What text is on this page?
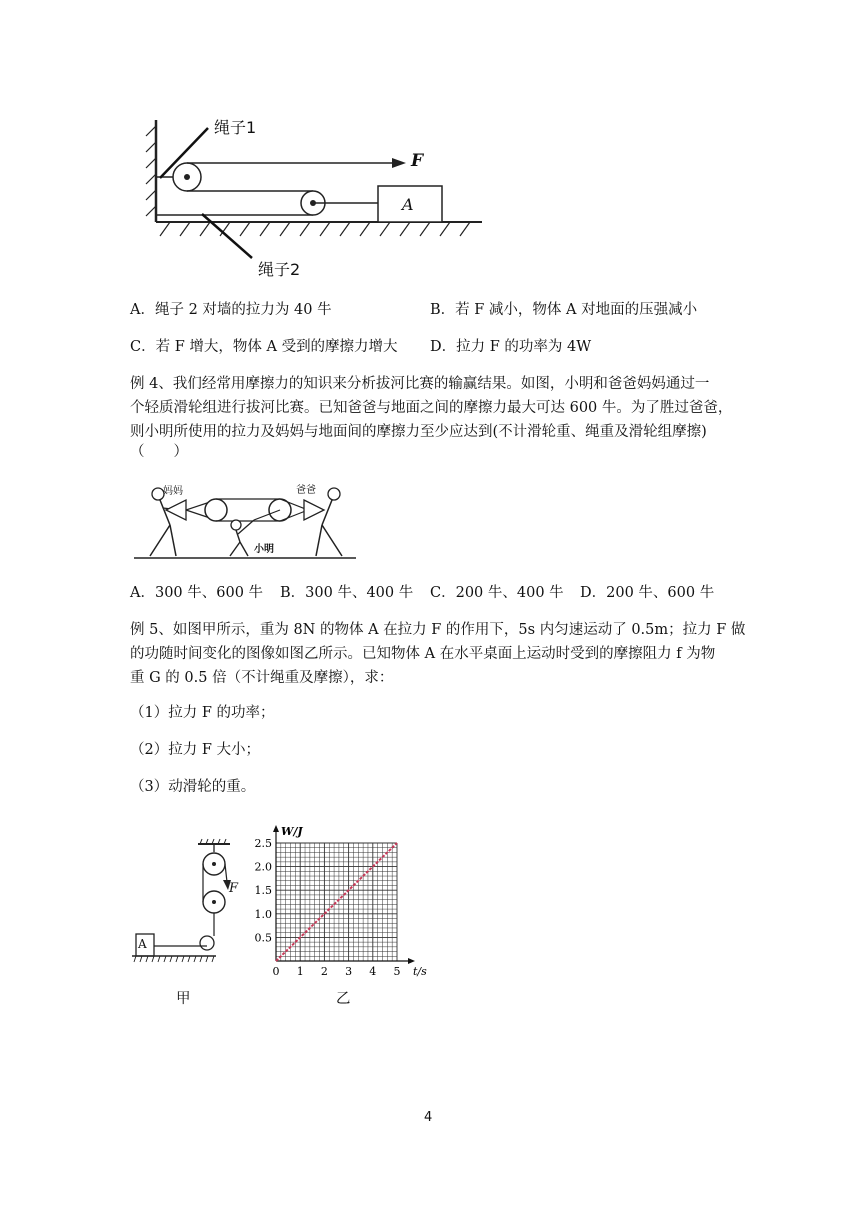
绳子1
绳子2
F
A
A．绳子 2 对墙的拉力为 40 牛	B．若 F 减小，物体 A 对地面的压强减小
C．若 F 增大，物体 A 受到的摩擦力增大 D．拉力 F 的功率为 4W
例 4、我们经常用摩擦力的知识来分析拔河比赛的输赢结果。如图，小明和爸爸妈妈通过一
个轻质滑轮组进行拔河比赛。已知爸爸与地面之间的摩擦力最大可达 600 牛。为了胜过爸爸，
则小明所使用的拉力及妈妈与地面间的摩擦力至少应达到(不计滑轮重、绳重及滑轮组摩擦)
（　　）
妈妈	爸爸
小明
A．300 牛、600 牛 B．300 牛、400 牛 C．200 牛、400 牛 D．200 牛、600 牛
例 5、如图甲所示，重为 8N 的物体 A 在拉力 F 的作用下，5s 内匀速运动了 0.5m；拉力 F 做
的功随时间变化的图像如图乙所示。已知物体 A 在水平桌面上运动时受到的摩擦阻力 f 为物
重 G 的 0.5 倍（不计绳重及摩擦），求：
（1）拉力 F 的功率；
（2）拉力 F 大小；
（3）动滑轮的重。
A
F
甲
0 1 2 3 4 5
0.5
1.0
1.5
2.0
2.5
t/s
W/J
乙
4
